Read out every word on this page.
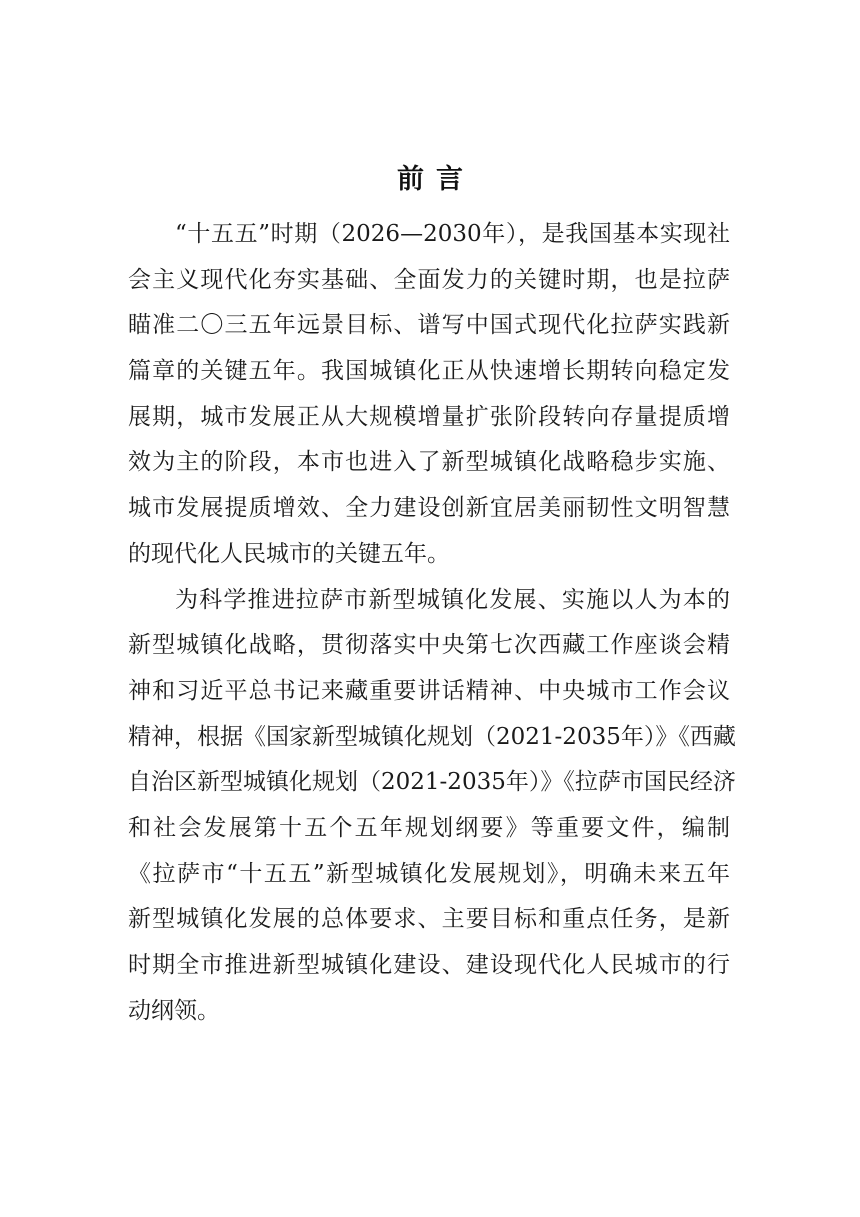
前言
“十五五”时期（2026—2030年），是我国基本实现社
会主义现代化夯实基础、全面发力的关键时期，也是拉萨
瞄准二〇三五年远景目标、谱写中国式现代化拉萨实践新
篇章的关键五年。我国城镇化正从快速增长期转向稳定发
展期，城市发展正从大规模增量扩张阶段转向存量提质增
效为主的阶段，本市也进入了新型城镇化战略稳步实施、
城市发展提质增效、全力建设创新宜居美丽韧性文明智慧
的现代化人民城市的关键五年。
为科学推进拉萨市新型城镇化发展、实施以人为本的
新型城镇化战略，贯彻落实中央第七次西藏工作座谈会精
神和习近平总书记来藏重要讲话精神、中央城市工作会议
精神，根据《国家新型城镇化规划（2021-2035年）》《西藏
自治区新型城镇化规划（2021-2035年）》《拉萨市国民经济
和社会发展第十五个五年规划纲要》等重要文件，编制
《拉萨市“十五五”新型城镇化发展规划》，明确未来五年
新型城镇化发展的总体要求、主要目标和重点任务，是新
时期全市推进新型城镇化建设、建设现代化人民城市的行
动纲领。
